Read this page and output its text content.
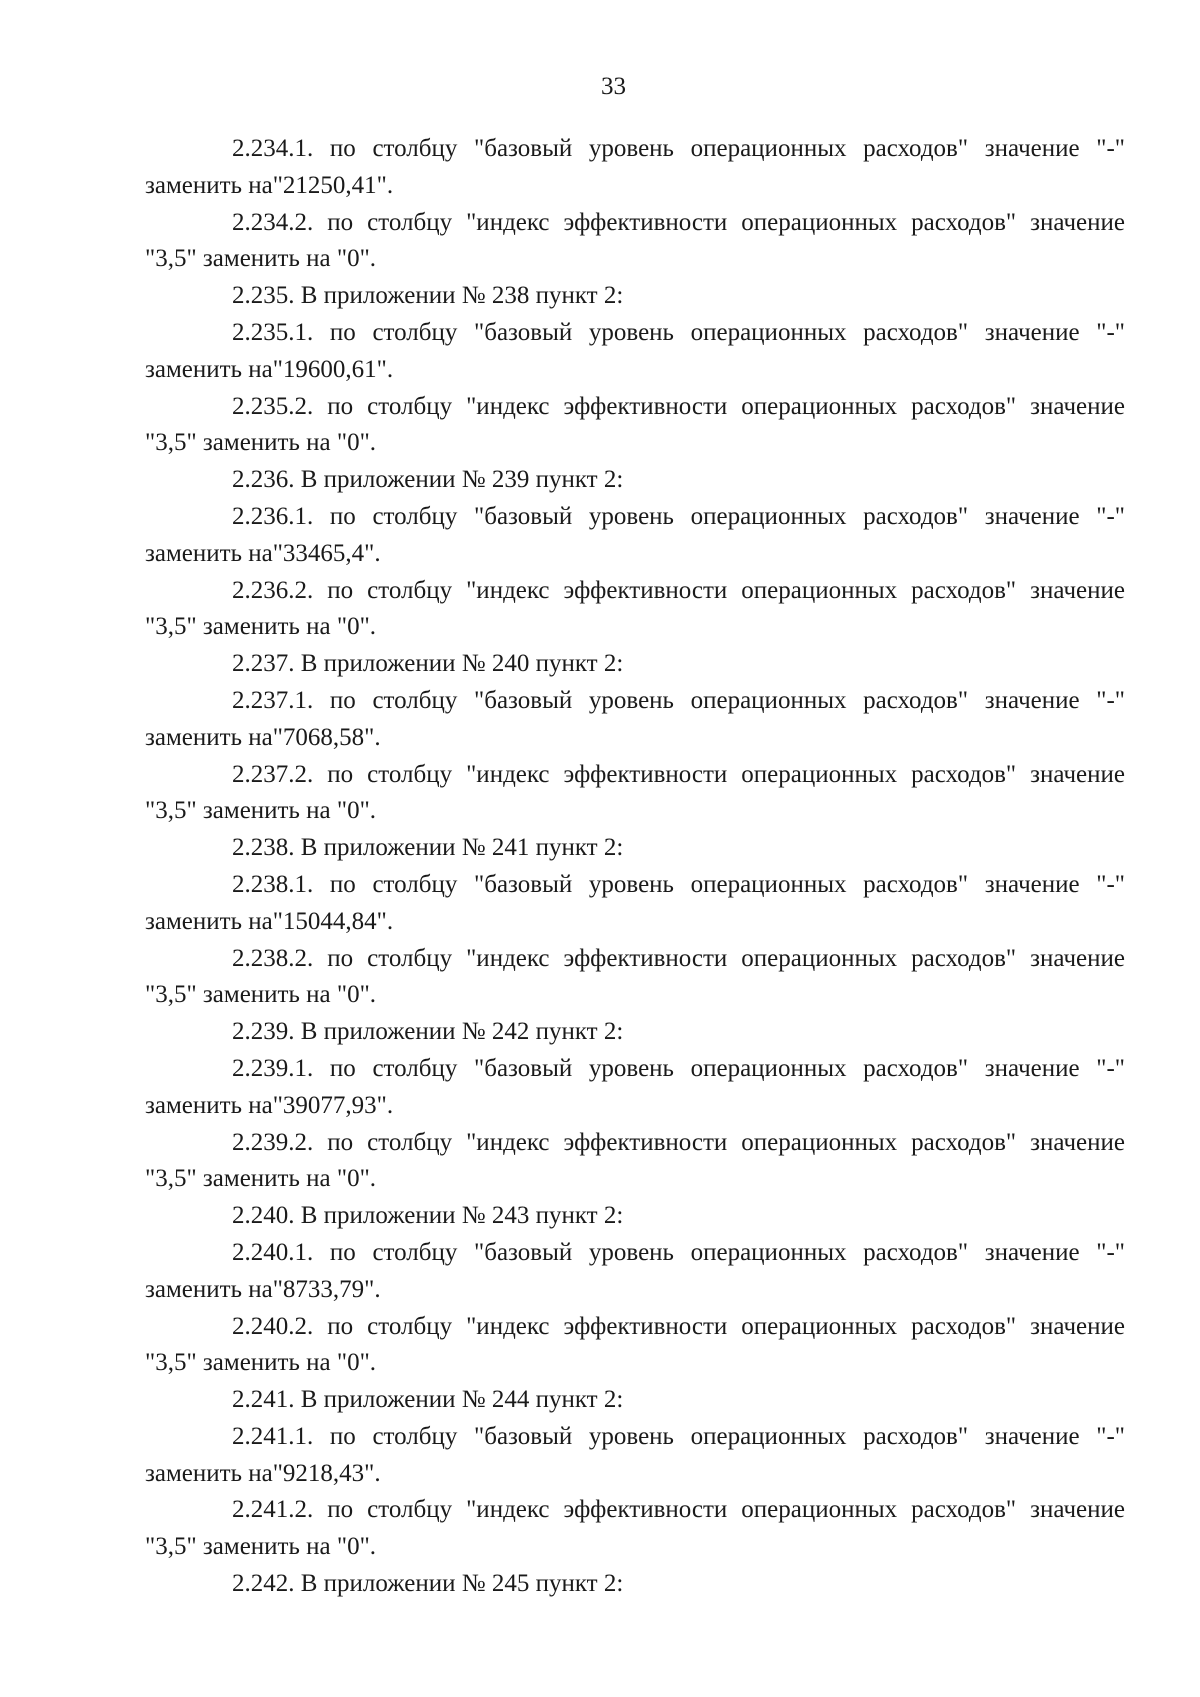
33

2.234.1. по столбцу "базовый уровень операционных расходов" значение "-" заменить на"21250,41".

2.234.2. по столбцу "индекс эффективности операционных расходов" значение "3,5" заменить на "0".

2.235. В приложении № 238 пункт 2:

2.235.1. по столбцу "базовый уровень операционных расходов" значение "-" заменить на"19600,61".

2.235.2. по столбцу "индекс эффективности операционных расходов" значение "3,5" заменить на "0".

2.236. В приложении № 239 пункт 2:

2.236.1. по столбцу "базовый уровень операционных расходов" значение "-" заменить на"33465,4".

2.236.2. по столбцу "индекс эффективности операционных расходов" значение "3,5" заменить на "0".

2.237. В приложении № 240 пункт 2:

2.237.1. по столбцу "базовый уровень операционных расходов" значение "-" заменить на"7068,58".

2.237.2. по столбцу "индекс эффективности операционных расходов" значение "3,5" заменить на "0".

2.238. В приложении № 241 пункт 2:

2.238.1. по столбцу "базовый уровень операционных расходов" значение "-" заменить на"15044,84".

2.238.2. по столбцу "индекс эффективности операционных расходов" значение "3,5" заменить на "0".

2.239. В приложении № 242 пункт 2:

2.239.1. по столбцу "базовый уровень операционных расходов" значение "-" заменить на"39077,93".

2.239.2. по столбцу "индекс эффективности операционных расходов" значение "3,5" заменить на "0".

2.240. В приложении № 243 пункт 2:

2.240.1. по столбцу "базовый уровень операционных расходов" значение "-" заменить на"8733,79".

2.240.2. по столбцу "индекс эффективности операционных расходов" значение "3,5" заменить на "0".

2.241. В приложении № 244 пункт 2:

2.241.1. по столбцу "базовый уровень операционных расходов" значение "-" заменить на"9218,43".

2.241.2. по столбцу "индекс эффективности операционных расходов" значение "3,5" заменить на "0".

2.242. В приложении № 245 пункт 2:
